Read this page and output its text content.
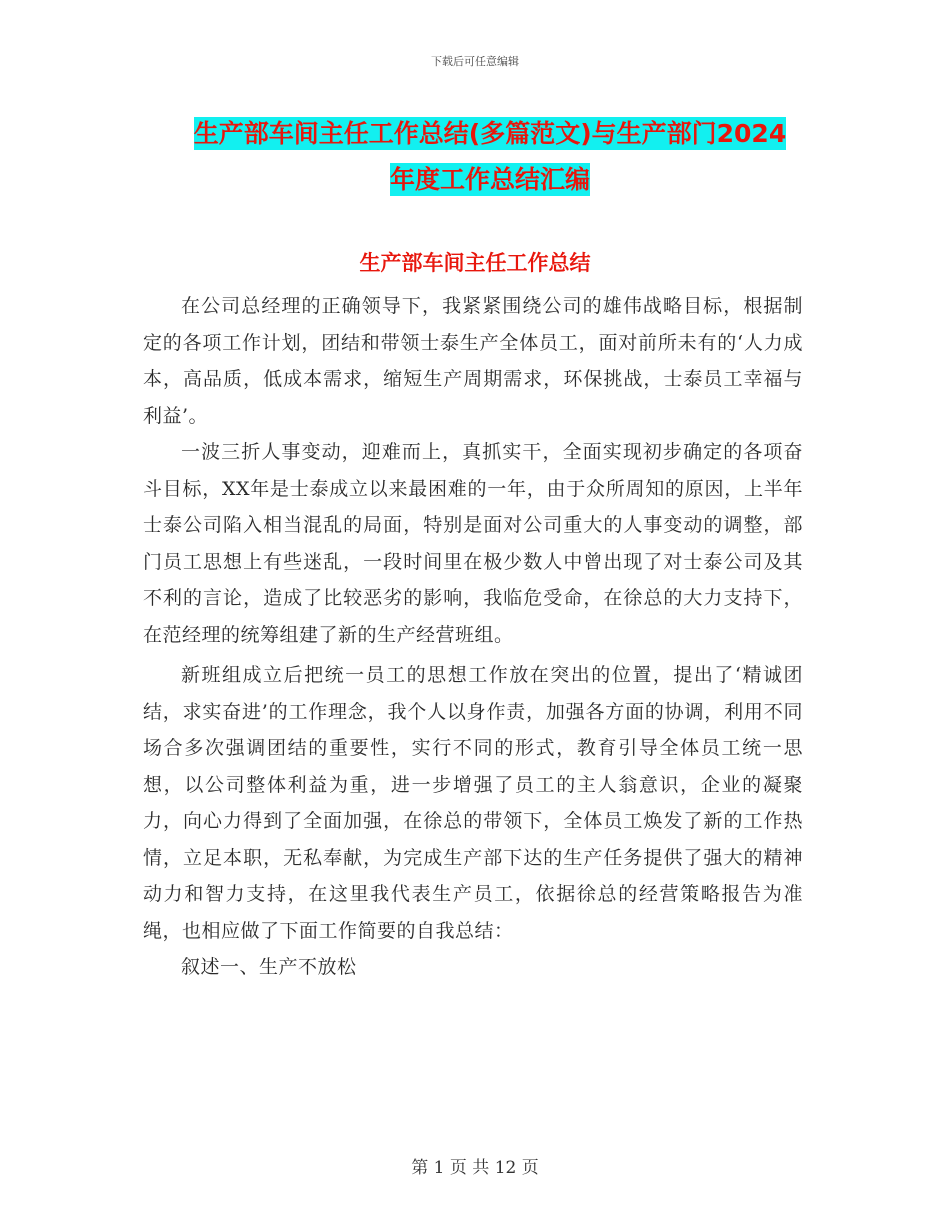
下载后可任意编辑
生产部车间主任工作总结(多篇范文)与生产部门2024
年度工作总结汇编
生产部车间主任工作总结

在公司总经理的正确领导下，我紧紧围绕公司的雄伟战略目标，根据制定的各项工作计划，团结和带领士泰生产全体员工，面对前所未有的‘人力成本，高品质，低成本需求，缩短生产周期需求，环保挑战，士泰员工幸福与利益’。

一波三折人事变动，迎难而上，真抓实干，全面实现初步确定的各项奋斗目标，XX年是士泰成立以来最困难的一年，由于众所周知的原因，上半年士泰公司陷入相当混乱的局面，特别是面对公司重大的人事变动的调整，部门员工思想上有些迷乱，一段时间里在极少数人中曾出现了对士泰公司及其不利的言论，造成了比较恶劣的影响，我临危受命，在徐总的大力支持下，在范经理的统筹组建了新的生产经营班组。

新班组成立后把统一员工的思想工作放在突出的位置，提出了‘精诚团结，求实奋进’的工作理念，我个人以身作责，加强各方面的协调，利用不同场合多次强调团结的重要性，实行不同的形式，教育引导全体员工统一思想，以公司整体利益为重，进一步增强了员工的主人翁意识，企业的凝聚力，向心力得到了全面加强，在徐总的带领下，全体员工焕发了新的工作热情，立足本职，无私奉献，为完成生产部下达的生产任务提供了强大的精神动力和智力支持，在这里我代表生产员工，依据徐总的经营策略报告为准绳，也相应做了下面工作简要的自我总结：

叙述一、生产不放松

第 1 页 共 12 页
